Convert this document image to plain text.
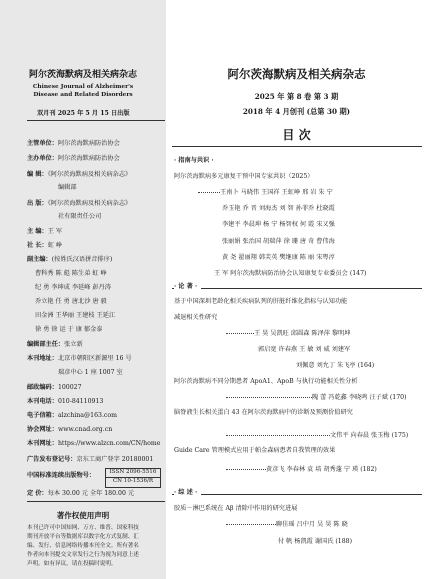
阿尔茨海默病及相关病杂志
Chinese Journal of Alzheimer's
Disease and Related Disorders
双月刊 2025 年 5 月 15 日出版
主管单位：阿尔茨海默病防治协会
主办单位：阿尔茨海默病防治协会
编 辑：《阿尔茨海默病及相关病杂志》
编辑部
出 版：《阿尔茨海默病及相关病杂志》
社有限责任公司
主 编：王 军
社 长：虹 峥
副主编：(按姓氏汉语拼音排序)
曹科秀 陈 彪 陈生弟 虹 峥
纪 勇 李坤成 李延峰 彭丹涛
乔立艳 任 勇 唐北沙 唐 毅
田金洲 王华丽 王建枝 王延江
徐 勇 徐 运 于 康 郁金泰
编辑部主任：张立新
本刊地址：北京市朝阳区新源里 16 号
瑞彦中心 1 座 1007 室
邮政编码：100027
本刊电话：010-84110913
电子信箱：alzchina@163.com
协会网址：www.cnad.org.cn
本刊网址：https://www.alzcn.com/CN/home
广告发布登记号：京东工商广登字 20180001
中国标准连续出版物号：	ISSN 2096-5516
CN 10-1536/R
定 价：每本 30.00 元 全年 180.00 元
著作权使用声明
本刊已许可中国知网、万方、维普、国家科技
期刊开放平台等数据库以数字化方式复制、汇
编、发行、信息网络传播本刊全文。所有著名
作者向本刊提交文章发行之行为视为同意上述
声明。如有异议，请在投稿时说明。
阿尔茨海默病及相关病杂志
2025 年 第 8 卷 第 3 期
2018 年 4 月创刊 (总第 30 期)
目 次
· 指南与共识 ·
阿尔茨海默病多元康复干预中国专家共识（2025）
王南卜 马晓伟 王国祥 王虹峥 邢 岩 朱 宁
乔玉艳 乔 晋 刘海杰 刘 智 孙菲乔 杜晓霞
李建平 李晨坤 杨 宁 杨智权 何 霞 宋又强
张丽娟 张治国 胡瑞萍 徐 珊 唐 奇 曹伟海
黄 尧 翟丽翔 韩芙英 樊继康 陈 丽 宋粤淳
王 军 阿尔茨海默病防治协会认知康复专业委员会 (147)
· 论 著 ·
基于中国深圳老龄化相关疾病队列的肝脏纤维化指标与认知功能
减退相关性研究
王 昊 吴凯旺 邱圆森 陈泽萍 黎明坤
郭启宽 许春燕 王 敏 刘 威 刘建军
刘佩意 刘允丁 朱飞亭 (164)
阿尔茨海默病不同分期患者 ApoA1、ApoB 与执行功能相关性分析
隗 蕾 冯乾鑫 李晓鸣 汪子斌 (170)
脑脊液生长相关蛋白 43 在阿尔茨海默病中的诊断及预测价值研究
文伟平 向春晨 张玉梅 (175)
Guide Care 管理模式应用于帕金森病患者自我管理的效果
黄彦飞 李春林 袁 培 胡秀蓬 宁 瑛 (182)
· 综 述 ·
胶质－淋巴系统在 Aβ 清除中作用的研究进展
聊佳瑶 吕中月 吴 昊 陈 晓
付 帆 杨凯霞 谢国氏 (188)
